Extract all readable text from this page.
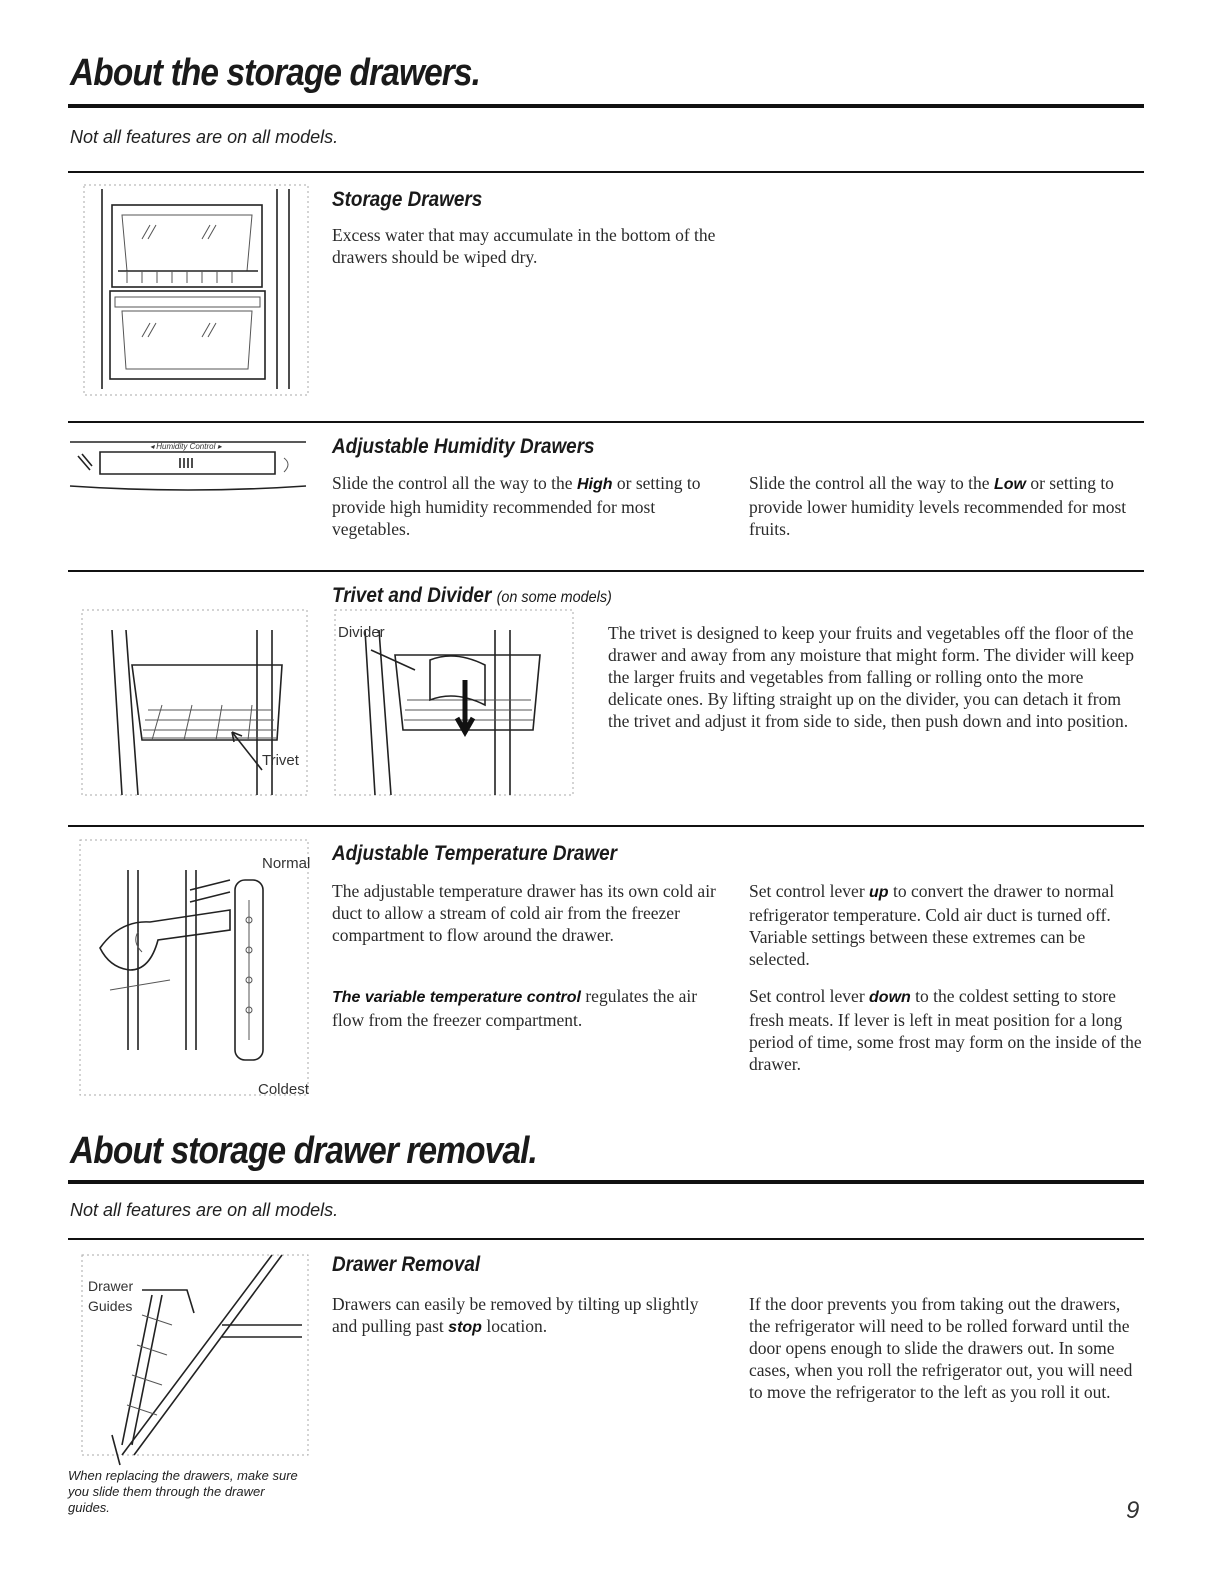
About the storage drawers.
Not all features are on all models.
Storage Drawers
Excess water that may accumulate in the bottom of the drawers should be wiped dry.
◂ Humidity Control ▸	Adjustable Humidity Drawers
Slide the control all the way to the High or setting to provide high humidity recommended for most vegetables.
Slide the control all the way to the Low or setting to provide lower humidity levels recommended for most fruits.
Trivet
Trivet and Divider (on some models)
Divider	The trivet is designed to keep your fruits and vegetables off the floor of the drawer and away from any moisture that might form. The divider will keep the larger fruits and vegetables from falling or rolling onto the more delicate ones. By lifting straight up on the divider, you can detach it from the trivet and adjust it from side to side, then push down and into position.
Normal
Coldest
Adjustable Temperature Drawer
The adjustable temperature drawer has its own cold air duct to allow a stream of cold air from the freezer compartment to flow around the drawer.
The variable temperature control regulates the air flow from the freezer compartment.
Set control lever up to convert the drawer to normal refrigerator temperature. Cold air duct is turned off. Variable settings between these extremes can be selected.
Set control lever down to the coldest setting to store fresh meats. If lever is left in meat position for a long period of time, some frost may form on the inside of the drawer.
About storage drawer removal.
Not all features are on all models.
Drawer
Guides
When replacing the drawers, make sure you slide them through the drawer guides.
Drawer Removal
Drawers can easily be removed by tilting up slightly and pulling past stop location.
If the door prevents you from taking out the drawers, the refrigerator will need to be rolled forward until the door opens enough to slide the drawers out. In some cases, when you roll the refrigerator out, you will need to move the refrigerator to the left as you roll it out.
9
